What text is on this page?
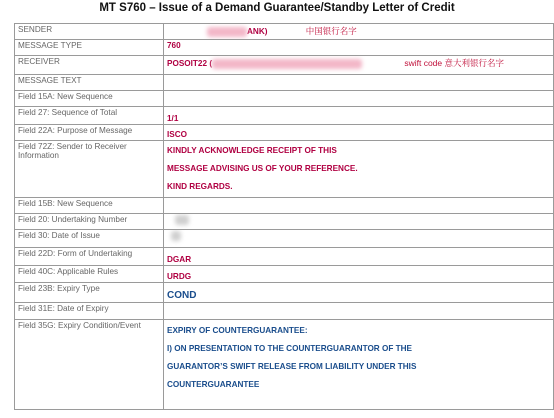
MT S760 – Issue of a Demand Guarantee/Standby Letter of Credit
SENDER	ANK) 中国银行名字
MESSAGE TYPE	760
RECEIVER	POSOIT22 ( swift code 意大利银行名字
MESSAGE TEXT	
Field 15A: New Sequence	
Field 27: Sequence of Total	1/1
Field 22A: Purpose of Message	ISCO
Field 72Z: Sender to Receiver Information	KINDLY ACKNOWLEDGE RECEIPT OF THIS
MESSAGE ADVISING US OF YOUR REFERENCE.
KIND REGARDS.

Field 15B: New Sequence	
Field 20: Undertaking Number	
Field 30: Date of Issue	
Field 22D: Form of Undertaking	DGAR
Field 40C: Applicable Rules	URDG
Field 23B: Expiry Type	COND
Field 31E: Date of Expiry	
Field 35G: Expiry Condition/Event	EXPIRY OF COUNTERGUARANTEE:
I) ON PRESENTATION TO THE COUNTERGUARANTOR OF THE
GUARANTOR’S SWIFT RELEASE FROM LIABILITY UNDER THIS
COUNTERGUARANTEE
